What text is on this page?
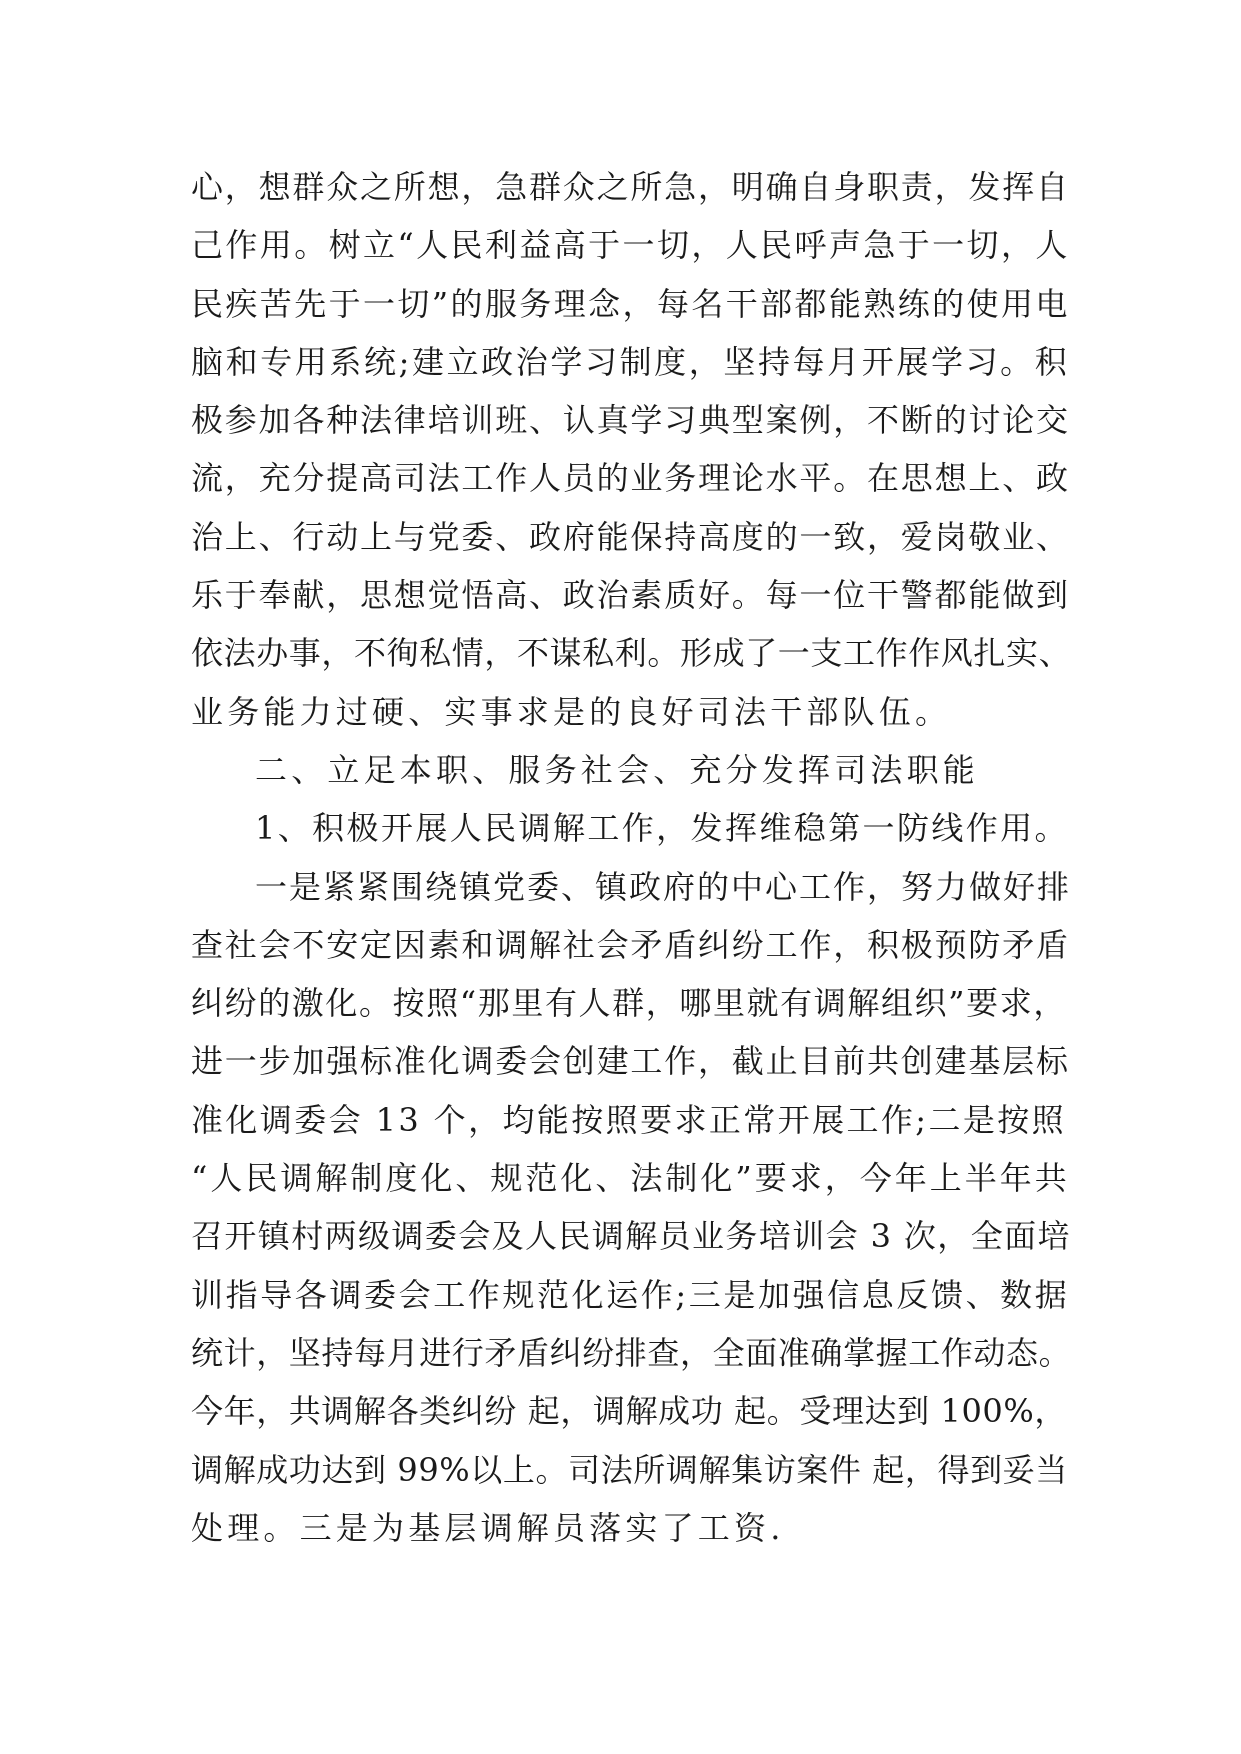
心，想群众之所想，急群众之所急，明确自身职责，发挥自
己作用。树立“人民利益高于一切，人民呼声急于一切，人
民疾苦先于一切”的服务理念，每名干部都能熟练的使用电
脑和专用系统;建立政治学习制度，坚持每月开展学习。积
极参加各种法律培训班、认真学习典型案例，不断的讨论交
流，充分提高司法工作人员的业务理论水平。在思想上、政
治上、行动上与党委、政府能保持高度的一致，爱岗敬业、
乐于奉献，思想觉悟高、政治素质好。每一位干警都能做到
依法办事，不徇私情，不谋私利。形成了一支工作作风扎实、
业务能力过硬、实事求是的良好司法干部队伍。
二、立足本职、服务社会、充分发挥司法职能
1、积极开展人民调解工作，发挥维稳第一防线作用。
一是紧紧围绕镇党委、镇政府的中心工作，努力做好排
查社会不安定因素和调解社会矛盾纠纷工作，积极预防矛盾
纠纷的激化。按照“那里有人群，哪里就有调解组织”要求，
进一步加强标准化调委会创建工作，截止目前共创建基层标
准化调委会 13 个，均能按照要求正常开展工作;二是按照
“人民调解制度化、规范化、法制化”要求，今年上半年共
召开镇村两级调委会及人民调解员业务培训会 3 次，全面培
训指导各调委会工作规范化运作;三是加强信息反馈、数据
统计，坚持每月进行矛盾纠纷排查，全面准确掌握工作动态。
今年，共调解各类纠纷 起，调解成功 起。受理达到 100%，
调解成功达到 99%以上。司法所调解集访案件 起，得到妥当
处理。三是为基层调解员落实了工资.
